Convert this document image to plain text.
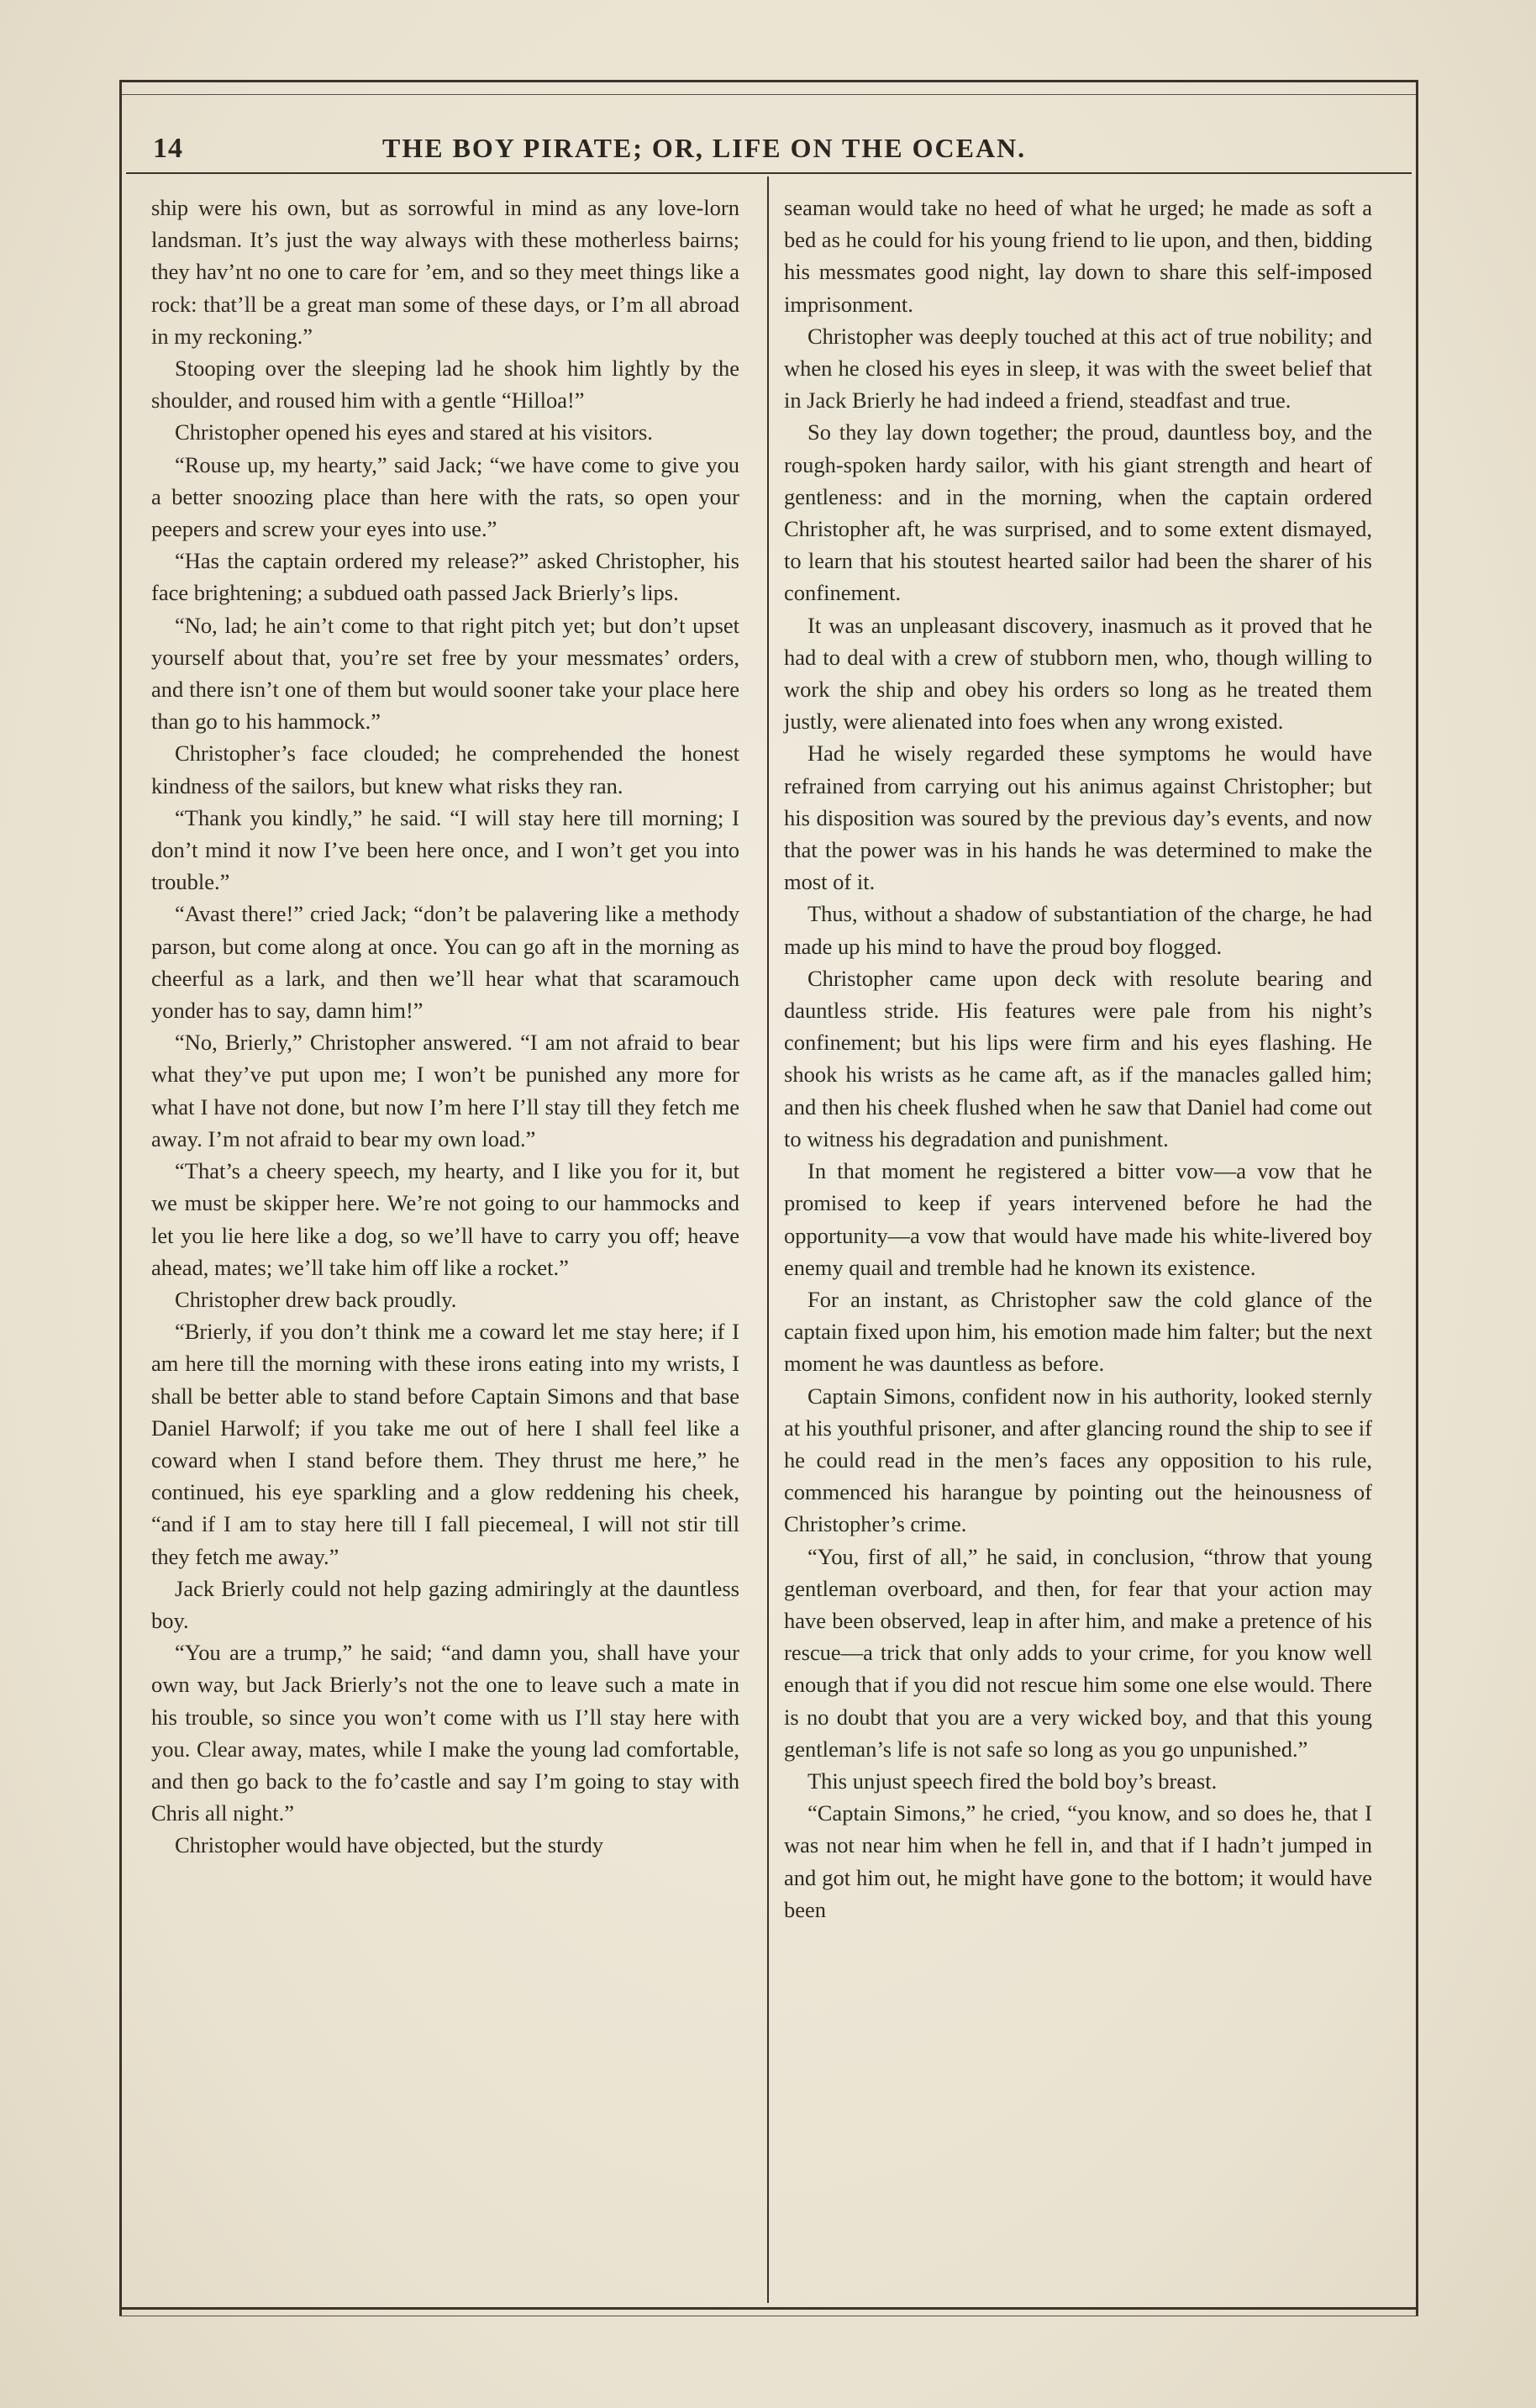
14	THE BOY PIRATE; OR, LIFE ON THE OCEAN.

ship were his own, but as sorrowful in mind as any love-lorn landsman. It’s just the way always with these motherless bairns; they hav’nt no one to care for ’em, and so they meet things like a rock: that’ll be a great man some of these days, or I’m all abroad in my reckoning.”

Stooping over the sleeping lad he shook him lightly by the shoulder, and roused him with a gentle “Hilloa!”

Christopher opened his eyes and stared at his visitors.

“Rouse up, my hearty,” said Jack; “we have come to give you a better snoozing place than here with the rats, so open your peepers and screw your eyes into use.”

“Has the captain ordered my release?” asked Christopher, his face brightening; a subdued oath passed Jack Brierly’s lips.

“No, lad; he ain’t come to that right pitch yet; but don’t upset yourself about that, you’re set free by your messmates’ orders, and there isn’t one of them but would sooner take your place here than go to his hammock.”

Christopher’s face clouded; he comprehended the honest kindness of the sailors, but knew what risks they ran.

“Thank you kindly,” he said. “I will stay here till morning; I don’t mind it now I’ve been here once, and I won’t get you into trouble.”

“Avast there!” cried Jack; “don’t be palavering like a methody parson, but come along at once. You can go aft in the morning as cheerful as a lark, and then we’ll hear what that scaramouch yonder has to say, damn him!”

“No, Brierly,” Christopher answered. “I am not afraid to bear what they’ve put upon me; I won’t be punished any more for what I have not done, but now I’m here I’ll stay till they fetch me away. I’m not afraid to bear my own load.”

“That’s a cheery speech, my hearty, and I like you for it, but we must be skipper here. We’re not going to our hammocks and let you lie here like a dog, so we’ll have to carry you off; heave ahead, mates; we’ll take him off like a rocket.”

Christopher drew back proudly.

“Brierly, if you don’t think me a coward let me stay here; if I am here till the morning with these irons eating into my wrists, I shall be better able to stand before Captain Simons and that base Daniel Harwolf; if you take me out of here I shall feel like a coward when I stand before them. They thrust me here,” he continued, his eye sparkling and a glow reddening his cheek, “and if I am to stay here till I fall piecemeal, I will not stir till they fetch me away.”

Jack Brierly could not help gazing admiringly at the dauntless boy.

“You are a trump,” he said; “and damn you, shall have your own way, but Jack Brierly’s not the one to leave such a mate in his trouble, so since you won’t come with us I’ll stay here with you. Clear away, mates, while I make the young lad comfortable, and then go back to the fo’castle and say I’m going to stay with Chris all night.”

Christopher would have objected, but the sturdy

seaman would take no heed of what he urged; he made as soft a bed as he could for his young friend to lie upon, and then, bidding his messmates good night, lay down to share this self-imposed imprisonment.

Christopher was deeply touched at this act of true nobility; and when he closed his eyes in sleep, it was with the sweet belief that in Jack Brierly he had indeed a friend, steadfast and true.

So they lay down together; the proud, dauntless boy, and the rough-spoken hardy sailor, with his giant strength and heart of gentleness: and in the morning, when the captain ordered Christopher aft, he was surprised, and to some extent dismayed, to learn that his stoutest hearted sailor had been the sharer of his confinement.

It was an unpleasant discovery, inasmuch as it proved that he had to deal with a crew of stubborn men, who, though willing to work the ship and obey his orders so long as he treated them justly, were alienated into foes when any wrong existed.

Had he wisely regarded these symptoms he would have refrained from carrying out his animus against Christopher; but his disposition was soured by the previous day’s events, and now that the power was in his hands he was determined to make the most of it.

Thus, without a shadow of substantiation of the charge, he had made up his mind to have the proud boy flogged.

Christopher came upon deck with resolute bearing and dauntless stride. His features were pale from his night’s confinement; but his lips were firm and his eyes flashing. He shook his wrists as he came aft, as if the manacles galled him; and then his cheek flushed when he saw that Daniel had come out to witness his degradation and punishment.

In that moment he registered a bitter vow—a vow that he promised to keep if years intervened before he had the opportunity—a vow that would have made his white-livered boy enemy quail and tremble had he known its existence.

For an instant, as Christopher saw the cold glance of the captain fixed upon him, his emotion made him falter; but the next moment he was dauntless as before.

Captain Simons, confident now in his authority, looked sternly at his youthful prisoner, and after glancing round the ship to see if he could read in the men’s faces any opposition to his rule, commenced his harangue by pointing out the heinousness of Christopher’s crime.

“You, first of all,” he said, in conclusion, “throw that young gentleman overboard, and then, for fear that your action may have been observed, leap in after him, and make a pretence of his rescue—a trick that only adds to your crime, for you know well enough that if you did not rescue him some one else would. There is no doubt that you are a very wicked boy, and that this young gentleman’s life is not safe so long as you go unpunished.”

This unjust speech fired the bold boy’s breast.

“Captain Simons,” he cried, “you know, and so does he, that I was not near him when he fell in, and that if I hadn’t jumped in and got him out, he might have gone to the bottom; it would have been
